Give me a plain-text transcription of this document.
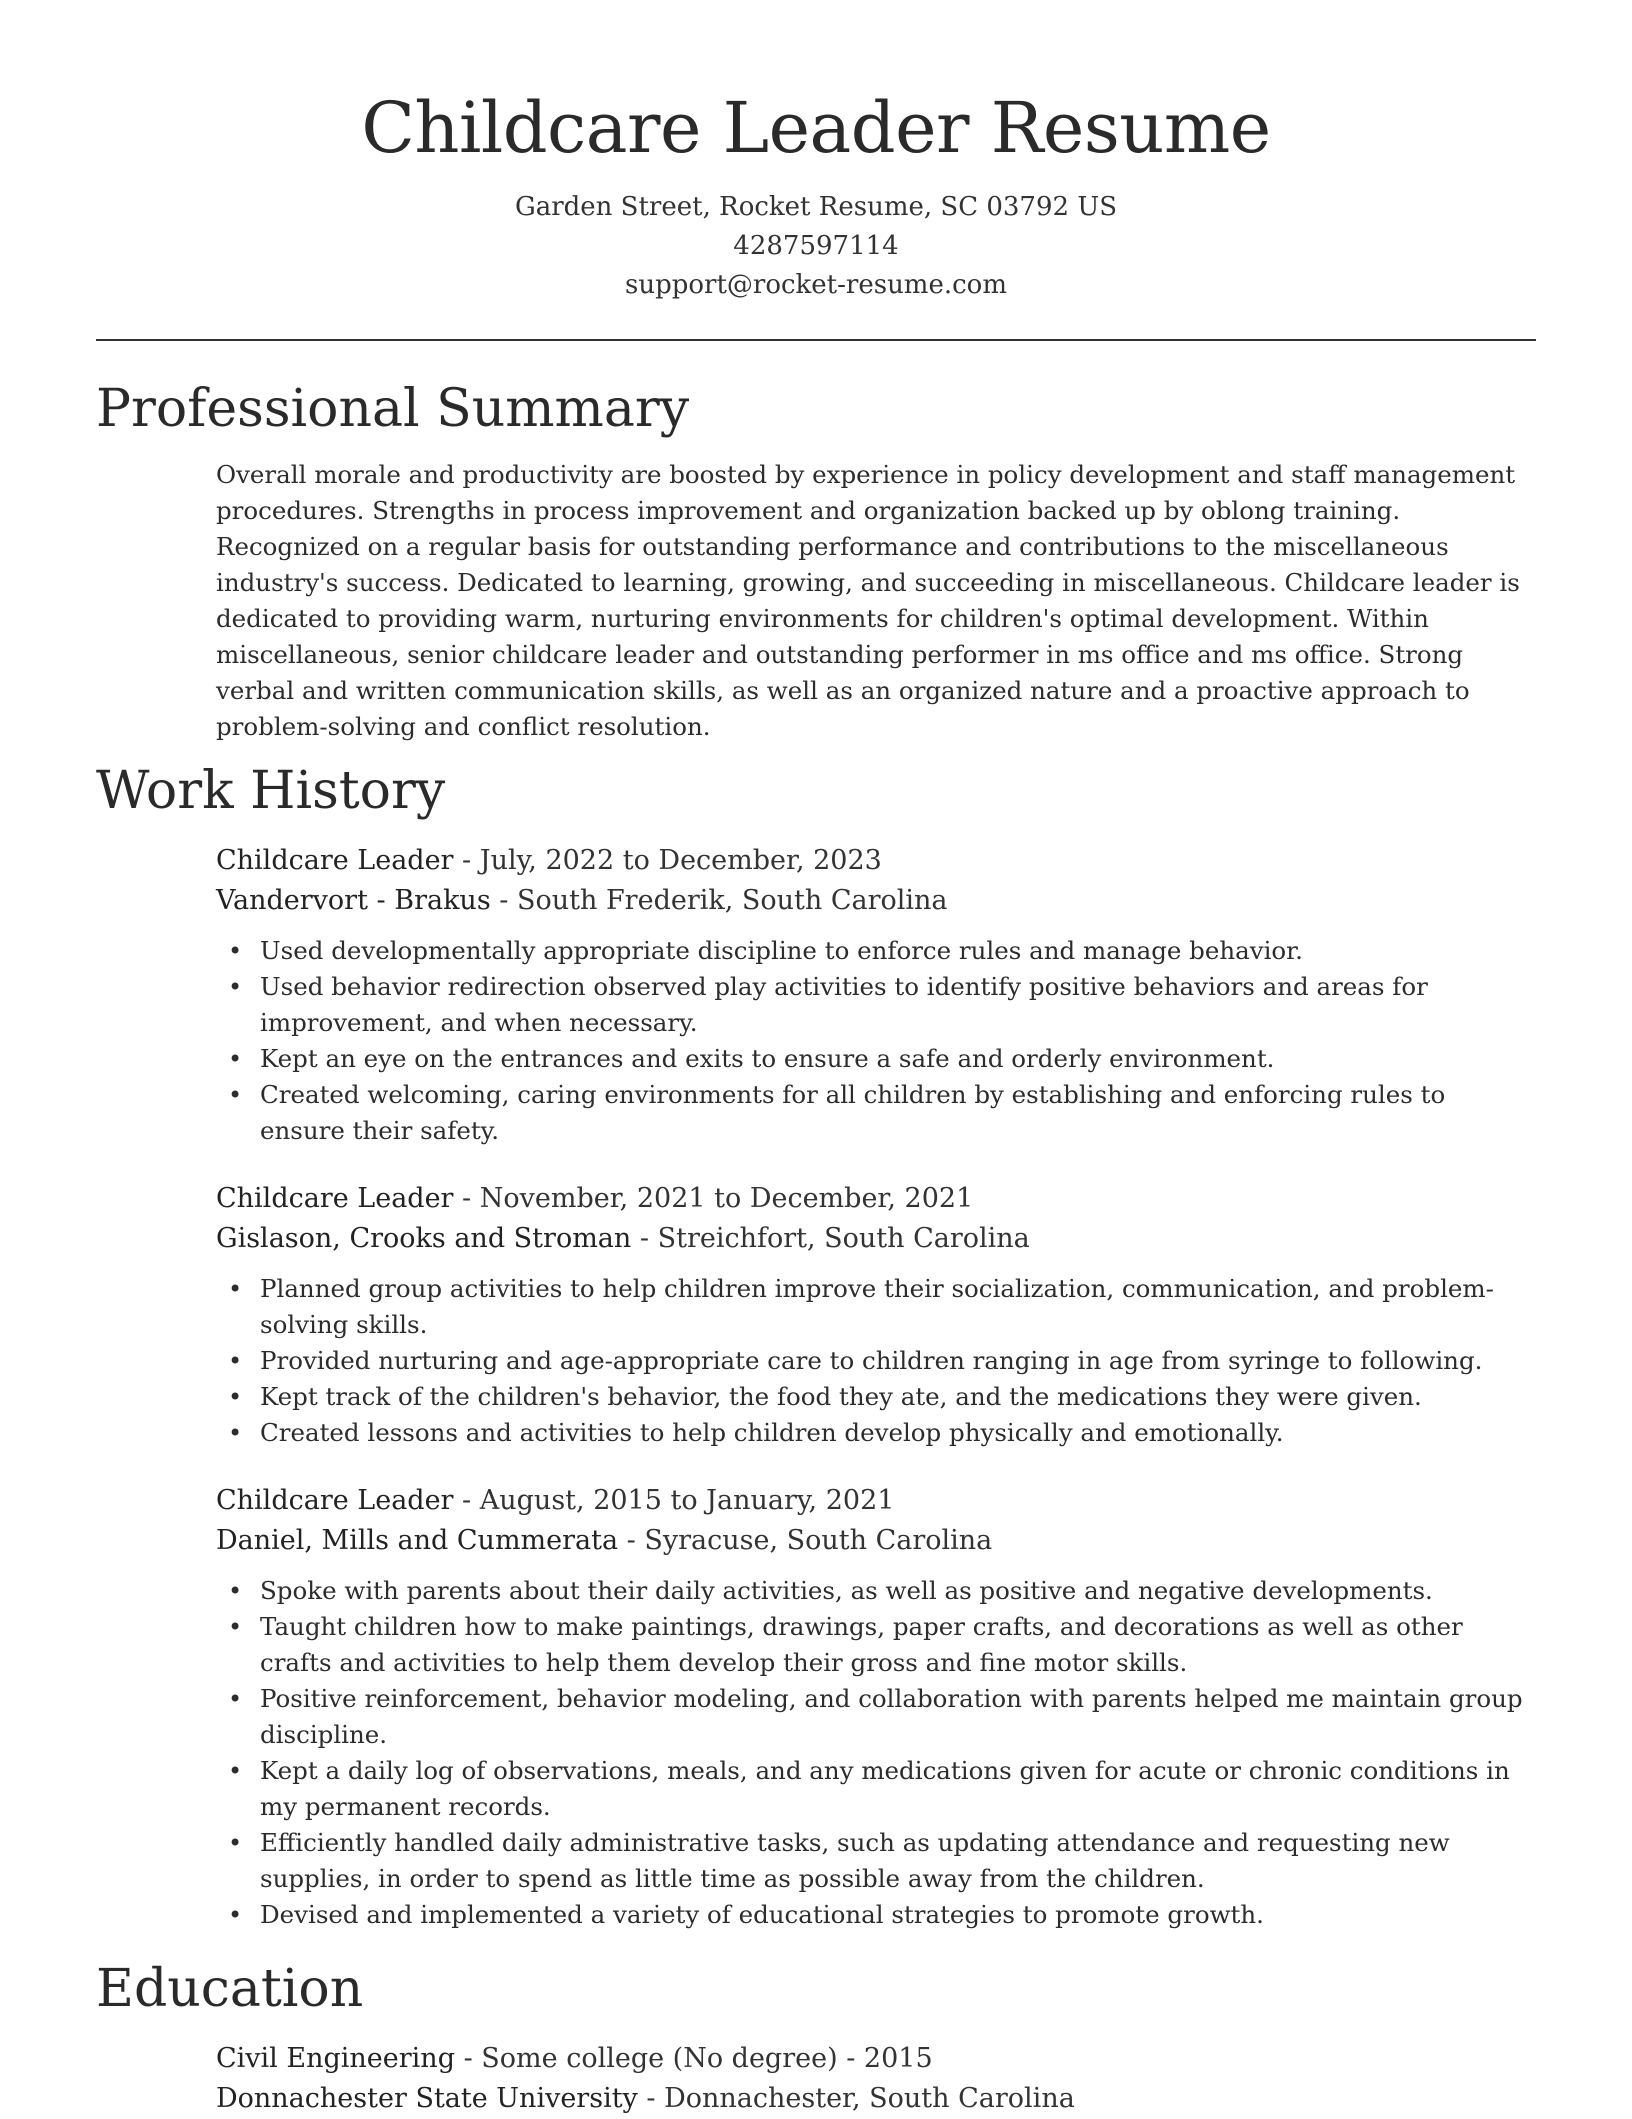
Childcare Leader Resume
Garden Street, Rocket Resume, SC 03792 US
4287597114
support@rocket-resume.com
Professional Summary
Overall morale and productivity are boosted by experience in policy development and staff management procedures. Strengths in process improvement and organization backed up by oblong training. Recognized on a regular basis for outstanding performance and contributions to the miscellaneous industry's success. Dedicated to learning, growing, and succeeding in miscellaneous. Childcare leader is dedicated to providing warm, nurturing environments for children's optimal development. Within miscellaneous, senior childcare leader and outstanding performer in ms office and ms office. Strong verbal and written communication skills, as well as an organized nature and a proactive approach to problem-solving and conflict resolution.
Work History
Childcare Leader - July, 2022 to December, 2023
Vandervort - Brakus - South Frederik, South Carolina
• Used developmentally appropriate discipline to enforce rules and manage behavior.
• Used behavior redirection observed play activities to identify positive behaviors and areas for improvement, and when necessary.
• Kept an eye on the entrances and exits to ensure a safe and orderly environment.
• Created welcoming, caring environments for all children by establishing and enforcing rules to ensure their safety.
Childcare Leader - November, 2021 to December, 2021
Gislason, Crooks and Stroman - Streichfort, South Carolina
• Planned group activities to help children improve their socialization, communication, and problem-solving skills.
• Provided nurturing and age-appropriate care to children ranging in age from syringe to following.
• Kept track of the children's behavior, the food they ate, and the medications they were given.
• Created lessons and activities to help children develop physically and emotionally.
Childcare Leader - August, 2015 to January, 2021
Daniel, Mills and Cummerata - Syracuse, South Carolina
• Spoke with parents about their daily activities, as well as positive and negative developments.
• Taught children how to make paintings, drawings, paper crafts, and decorations as well as other crafts and activities to help them develop their gross and fine motor skills.
• Positive reinforcement, behavior modeling, and collaboration with parents helped me maintain group discipline.
• Kept a daily log of observations, meals, and any medications given for acute or chronic conditions in my permanent records.
• Efficiently handled daily administrative tasks, such as updating attendance and requesting new supplies, in order to spend as little time as possible away from the children.
• Devised and implemented a variety of educational strategies to promote growth.
Education
Civil Engineering - Some college (No degree) - 2015
Donnachester State University - Donnachester, South Carolina
